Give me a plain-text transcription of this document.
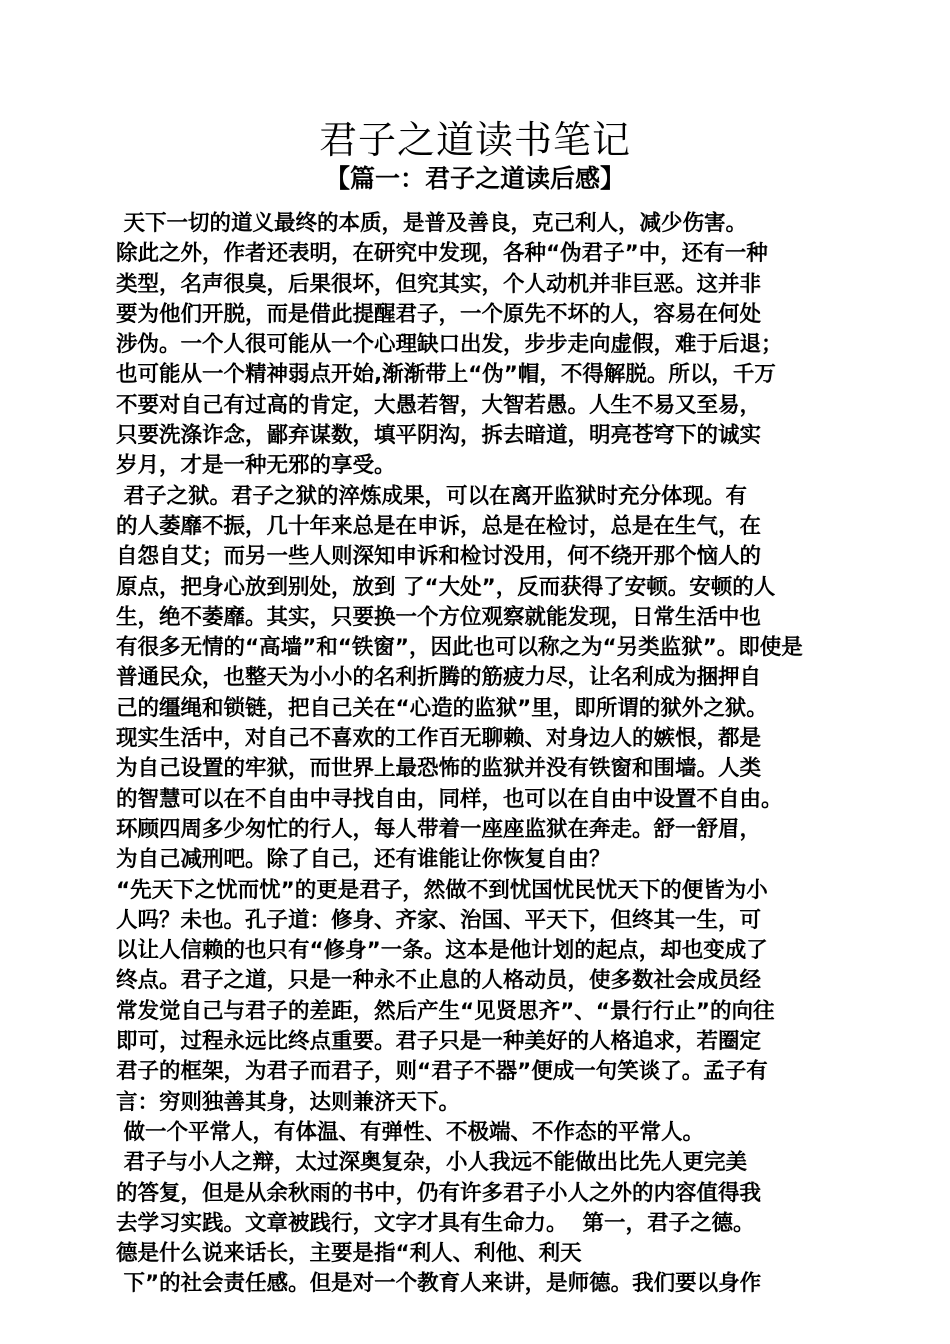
君子之道读书笔记
【篇一：君子之道读后感】
天下一切的道义最终的本质，是普及善良，克己利人，减少伤害。
除此之外，作者还表明，在研究中发现，各种“伪君子”中，还有一种
类型，名声很臭，后果很坏，但究其实，个人动机并非巨恶。这并非
要为他们开脱，而是借此提醒君子，一个原先不坏的人，容易在何处
涉伪。一个人很可能从一个心理缺口出发，步步走向虚假，难于后退；
也可能从一个精神弱点开始,渐渐带上“伪”帽，不得解脱。所以，千万
不要对自己有过高的肯定，大愚若智，大智若愚。人生不易又至易，
只要洗涤诈念，鄙弃谋数，填平阴沟，拆去暗道，明亮苍穹下的诚实
岁月，才是一种无邪的享受。
君子之狱。君子之狱的淬炼成果，可以在离开监狱时充分体现。有
的人萎靡不振，几十年来总是在申诉，总是在检讨，总是在生气，在
自怨自艾；而另一些人则深知申诉和检讨没用，何不绕开那个恼人的
原点，把身心放到别处，放到 了“大处”，反而获得了安顿。安顿的人
生，绝不萎靡。其实，只要换一个方位观察就能发现，日常生活中也
有很多无情的“高墙”和“铁窗”，因此也可以称之为“另类监狱”。即使是
普通民众，也整天为小小的名利折腾的筋疲力尽，让名利成为捆押自
己的缰绳和锁链，把自己关在“心造的监狱”里，即所谓的狱外之狱。
现实生活中，对自己不喜欢的工作百无聊赖、对身边人的嫉恨，都是
为自己设置的牢狱，而世界上最恐怖的监狱并没有铁窗和围墙。人类
的智慧可以在不自由中寻找自由，同样，也可以在自由中设置不自由。
环顾四周多少匆忙的行人，每人带着一座座监狱在奔走。舒一舒眉，
为自己减刑吧。除了自己，还有谁能让你恢复自由？
“先天下之忧而忧”的更是君子，然做不到忧国忧民忧天下的便皆为小
人吗？未也。孔子道：修身、齐家、治国、平天下，但终其一生，可
以让人信赖的也只有“修身”一条。这本是他计划的起点，却也变成了
终点。君子之道，只是一种永不止息的人格动员，使多数社会成员经
常发觉自己与君子的差距，然后产生“见贤思齐”、“景行行止”的向往
即可，过程永远比终点重要。君子只是一种美好的人格追求，若圈定
君子的框架，为君子而君子，则“君子不器”便成一句笑谈了。孟子有
言：穷则独善其身，达则兼济天下。
做一个平常人，有体温、有弹性、不极端、不作态的平常人。
君子与小人之辩，太过深奥复杂，小人我远不能做出比先人更完美
的答复，但是从余秋雨的书中，仍有许多君子小人之外的内容值得我
去学习实践。文章被践行，文字才具有生命力。  第一，君子之德。
德是什么说来话长，主要是指“利人、利他、利天
下”的社会责任感。但是对一个教育人来讲，是师德。我们要以身作
